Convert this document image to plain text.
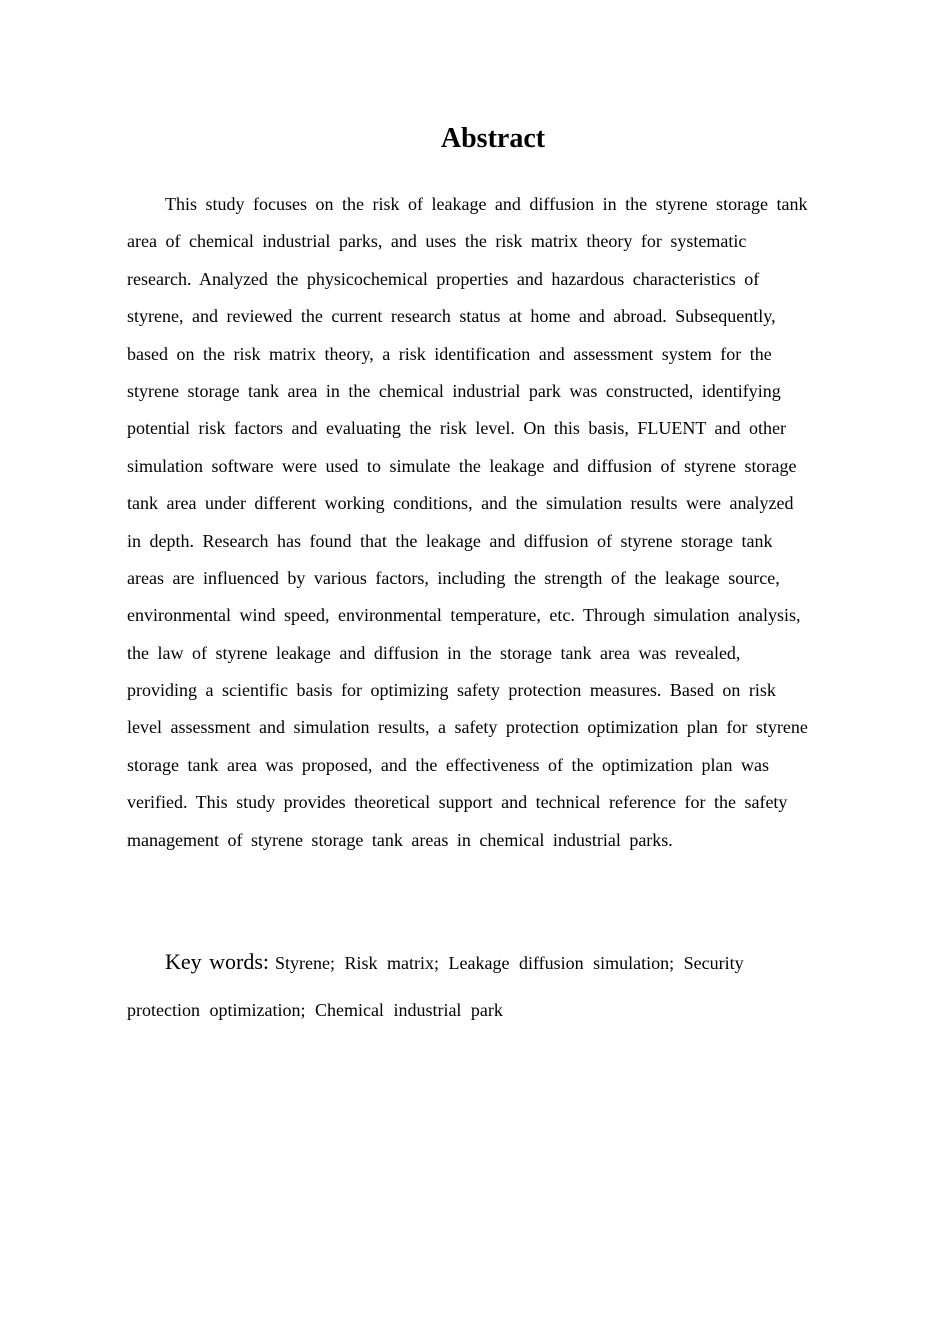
Abstract
This study focuses on the risk of leakage and diffusion in the styrene storage tank
area of chemical industrial parks, and uses the risk matrix theory for systematic
research. Analyzed the physicochemical properties and hazardous characteristics of
styrene, and reviewed the current research status at home and abroad. Subsequently,
based on the risk matrix theory, a risk identification and assessment system for the
styrene storage tank area in the chemical industrial park was constructed, identifying
potential risk factors and evaluating the risk level. On this basis, FLUENT and other
simulation software were used to simulate the leakage and diffusion of styrene storage
tank area under different working conditions, and the simulation results were analyzed
in depth. Research has found that the leakage and diffusion of styrene storage tank
areas are influenced by various factors, including the strength of the leakage source,
environmental wind speed, environmental temperature, etc. Through simulation analysis,
the law of styrene leakage and diffusion in the storage tank area was revealed,
providing a scientific basis for optimizing safety protection measures. Based on risk
level assessment and simulation results, a safety protection optimization plan for styrene
storage tank area was proposed, and the effectiveness of the optimization plan was
verified. This study provides theoretical support and technical reference for the safety
management of styrene storage tank areas in chemical industrial parks.
Key words: Styrene; Risk matrix; Leakage diffusion simulation; Security
protection optimization; Chemical industrial park
